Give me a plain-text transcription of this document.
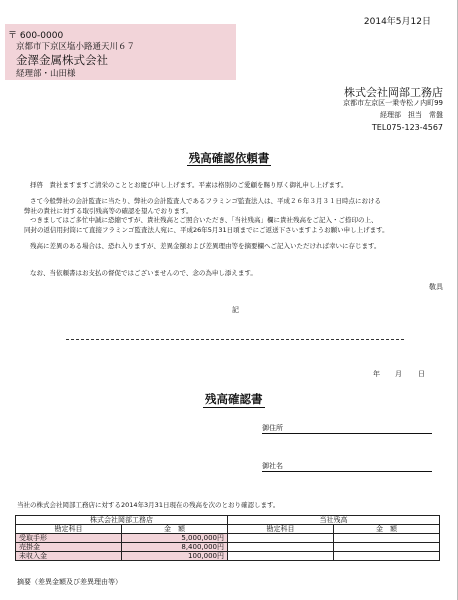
2014年5月12日
〒 600-0000
京都市下京区塩小路通天川６７
金澤金属株式会社
経理部・山田様
株式会社岡部工務店
京都市左京区一乗寺松ノ内町99
経理部　担当　常盤
TEL075-123-4567
残高確認依頼書
拝啓　貴社ますますご清栄のこととお慶び申し上げます。平素は格別のご愛顧を賜り厚く御礼申し上げます。
さて今般弊社の会計監査に当たり、弊社の会計監査人であるフラミンゴ監査法人は、平成２６年３月３１日時点における
弊社の貴社に対する取引残高等の確認を望んでおります。
つきましてはご多忙中誠に恐縮ですが、貴社残高とご照合いただき、「当社残高」欄に貴社残高をご記入・ご捺印の上、
同封の返信用封筒にて直接フラミンゴ監査法人宛に、平成26年5月31日頃までにご返送下さいますようお願い申し上げます。
残高に差異のある場合は、恐れ入りますが、差異金額および差異理由等を摘要欄へご記入いただければ幸いに存じます。
なお、当依頼書はお支払の督促ではございませんので、念の為申し添えます。
敬具
記
年 月 日
残高確認書
御住所
御社名
当社の株式会社岡部工務店に対する2014年3月31日現在の残高を次のとおり確認します。
株式会社岡部工務店		当社残高	
勘定科目	金　額	勘定科目	金　額
受取手形	5,000,000円		
売掛金	8,400,000円		
未収入金	100,000円		
摘要（差異金額及び差異理由等）
